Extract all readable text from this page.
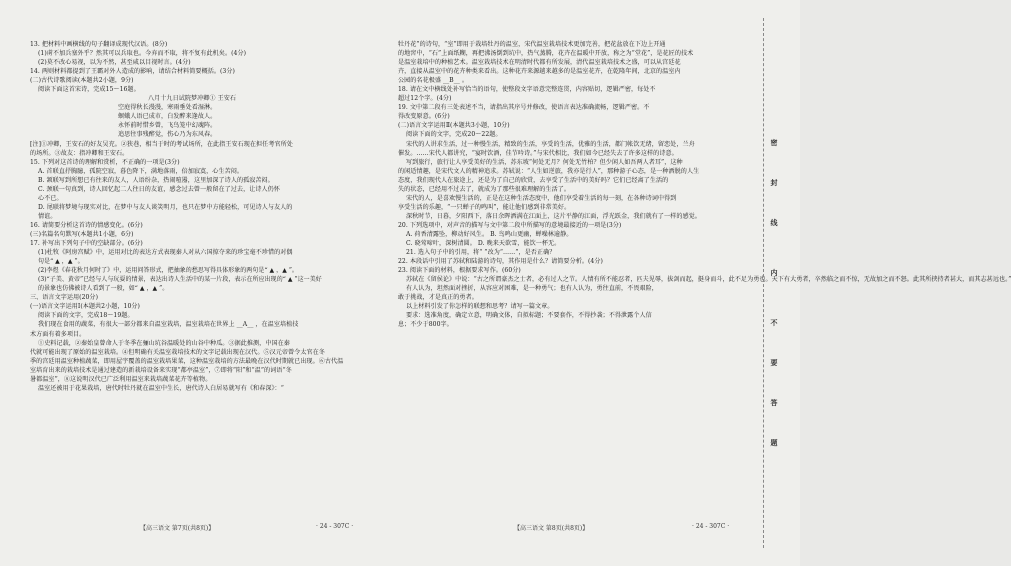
13. 把材料中画横线的句子翻译成现代汉语。(8分)

(1)虏不加兵塞外乎？然其可以兵取也。今弃而不取，将不复有此机矣。(4分)

(2)莫不改心易视，以为不然，甚至咸以目视时言。(4分)

14. 两则材料都提到了王霸对外人造成的影响，请结合材料简要概括。(3分)

(二)古代诗歌阅读(本题共2小题，9分)

阅读下面这首宋诗，完成15～16题。

八月十九日试院梦冲卿① 王安石

空庭得秋长漫漫，寒雨垂处看湿淋。

螟蛾人语已成市，白发醉来逢故人。

永怀前时惜乡曾，飞鸟笼中幻魂阵。

追思往事残醉觉，伤心乃为东风春。

[注]①冲卿，王安石的好友吴充。②狭巷，相当于时的考试场所，在此指王安石现在担任考官所处

的场所。③故友：指冲卿和王安石。

15. 下列对这首诗的理解和赏析，不正确的一项是(3分)

A. 首联直抒胸臆，孤院空寂，暮色降下，满地落雨，倍加寂寞，心生苦闷。

B. 颔联写到所想已有往来的友人，人语纷杂，热闹喧嚣，这里加深了诗人的孤寂苦闷。

C. 颈联一句真到，诗人回忆起二人往日的友谊，感念过去曾一般留在了过去，让诗人仍怀

心不已。

D. 尾联将梦境与现实对比，在梦中与友人谈笑明月，也只在梦中方能轻松，可见诗人与友人的

情谊。

16. 请简要分析这首诗的情感变化。(6分)

(三)名篇名句默写(本题共1小题，6分)

17. 补写出下列句子中的空缺部分。(6分)

(1)杜牧《阿房宫赋》中，运用对比的表达方式表现秦人对从六国掠夺来的珍宝毫不珍惜的对偶

句是“ ▲ ，▲ ”。

(2)李煜《春花秋月何时了》中，运用问答形式，把抽象的愁思写得具体形象的两句是“ ▲ ，▲ ”。

(3)“子美、黄帝”已经与人与玩耍的情景，表达出诗人生活中的某一片段，表示在所应出现的“ ▲ ”这一美好

的景象也仿佛被诗人看到了一般，如“ ▲ ，▲ ”。

三、语言文字运用(20分)

(一)语言文字运用Ⅰ(本题共2小题，10分)

阅读下面的文字，完成18～19题。

我们现在食用的蔬菜，有很大一部分都来自温室栽培，温室栽培在世界上 __A__ ，在温室培植技

术方面有着多项目。

①史料记载，②秦始皇曾命人于冬季在骊山坑谷温暖处的山谷中种瓜。③据此推测，中国在秦

代就可能出现了原始的温室栽培。④但明确有关温室栽培技术的文字记载出现在汉代。⑤汉元帝曾令太官在冬

季的宫廷用温室种植蔬菜，即用屋宇覆盖的温室栽培果菜，这种温室栽培的方法最晚在汉代时期就已出现。⑥古代温

室培育出来的栽培技术是通过建造的新栽培设备来实现“都亭温室”，⑦即将“阳”和“温”的词语“冬

暑都温室”，⑧这说明汉代已广泛利用温室来栽培蔬菜花卉等植物。

温室还被用于花果栽培，唐代时牡丹就在温室中生长，唐代诗人白居易就写有《和春深》：“

牡丹花”的诗句，“室”即用于栽培牡丹的温室，宋代温室栽培技术更加完善，把花盆放在下边上开通

的地窖中，“石”上面纸糊，再把沸汤倒到坑中，热气蒸腾，花卉在温暖中开放，称之为“堂花”，是花匠的技术

是温室栽培中的种植艺术。温室栽培技术在明清时代都有所发展，清代温室栽培技术之盛，可以从宫廷花

卉，直接从温室中的花卉种类来看出。这种花卉来源越来越多的是温室花卉，在乾隆年间，北京的温室内

公园的名花极盛 __B__ 。

18. 请在文中横线处补写恰当的语句，使整段文字语意完整连贯，内容贴切，逻辑严密，每处不

超过12个字。(4分)

19. 文中第二段有三处表述不当，请指出其序号并修改，使语言表达准确流畅，逻辑严密。不

得改变原意。(6分)

(二)语言文字运用Ⅱ(本题共3小题，10分)

阅读下面的文字，完成20～22题。

宋代的人讲求生活，过一种慢生活，精致的生活，享受的生活，优雅的生活，都门帐饮无绪，留恋处，兰舟

催发。……宋代人都讲究，“宴时饮酒，佳节吟诗。”与宋代相比，我们如今已经失去了许多这样的诗意。

写到旅行，旅行让人享受美好的生活，苏东坡“何处无月？何处无竹柏？但少闲人如吾两人者耳”，这种

的闲适情趣，是宋代文人的精神追求。苏轼说：“人生如逆旅，我亦是行人”，那种游子心态，是一种洒脱的人生

态度，我们现代人在旅途上，还是为了自己的欣赏，去享受了生活中的美好吗？它们已经离了生活的

失的状态，已经用不过去了，就成为了那些很难理解的生活了。

宋代的人，是喜欢慢生活的，正是在这种生活态度中，他们享受着生活的每一刻，在各种诗词中得到

享受生活的乐趣，“一只蝉子的鸣叫”，能让他们感到非常美好。

深秋时节，日暮，夕阳西下，落日余晖洒满在江面上，这片平静的江面，浮光跃金，我们就有了一样的感觉。

20. 下列选项中，对声音的描写与文中第二段中所描写的意境最接近的一项是(3分)

A. 荷香清露坠，柳动好风生。 B. 鸟鸣山更幽，蝉噪林逾静。

C. 晓莺啼叶，深树清圆。 D. 晚来天欲雪，能饮一杯无。

21. 选入句子中的引用，将“ ”改为“……”，是否正确？

22. 本段话中引用了苏轼和陆游的诗句，其作用是什么？请简要分析。(4分)

23. 阅读下面的材料，根据要求写作。(60分)

苏轼在《留侯论》中说：“古之所谓豪杰之士者，必有过人之节。人情有所不能忍者，匹夫见辱，拔剑而起，挺身而斗，此不足为勇也。天下有大勇者，卒然临之而不惊，无故加之而不怒。此其所挟持者甚大，而其志甚远也。”

有人认为，坦然面对挫折，从容应对困难，是一种勇气；也有人认为，勇往直前，不畏艰险，

敢于挑战，才是真正的勇者。

以上材料引发了你怎样的联想和思考？请写一篇文章。

要求：选准角度，确定立意，明确文体，自拟标题；不要套作，不得抄袭；不得泄露个人信

息；不少于800字。

【高三语文 第7页(共8页)】	· 24 - 307C ·	【高三语文 第8页(共8页)】	· 24 - 307C ·
密
封
线
内
不
要
答
题
